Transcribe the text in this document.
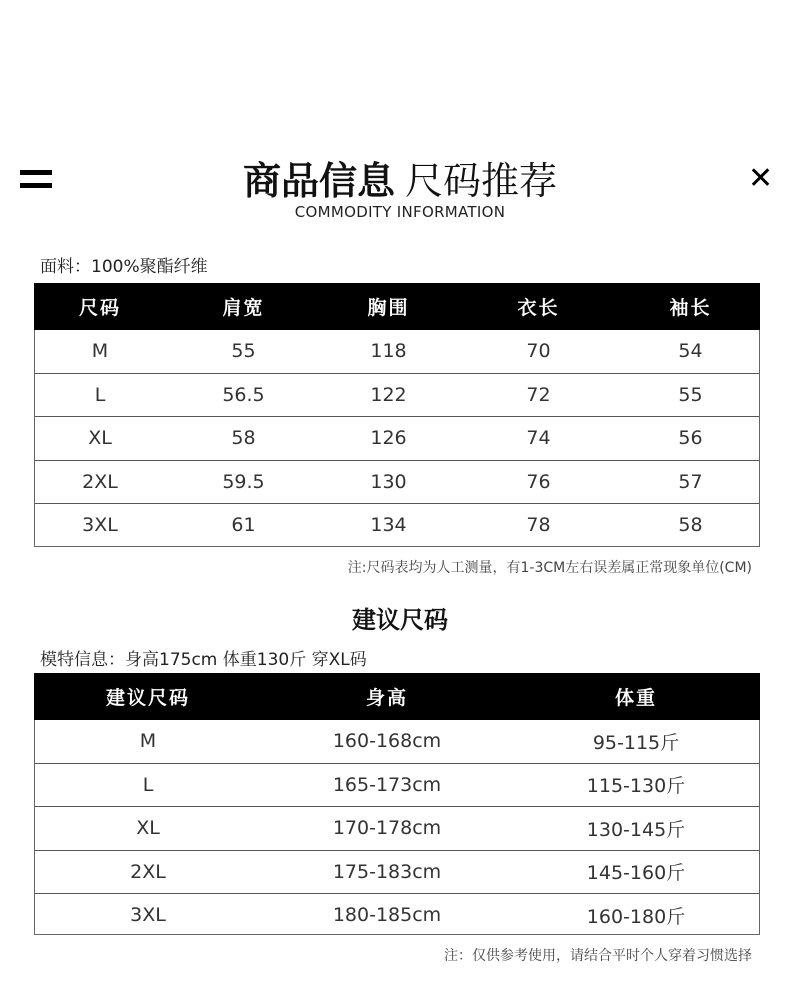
商品信息 尺码推荐	✕
COMMODITY INFORMATION
面料：100%聚酯纤维
尺码	肩宽	胸围	衣长	袖长
M	55	118	70	54
L	56.5	122	72	55
XL	58	126	74	56
2XL	59.5	130	76	57
3XL	61	134	78	58
注:尺码表均为人工测量，有1-3CM左右误差属正常现象单位(CM)
建议尺码
模特信息：身高175cm 体重130斤 穿XL码
建议尺码	身高	体重
M	160-168cm	95-115斤
L	165-173cm	115-130斤
XL	170-178cm	130-145斤
2XL	175-183cm	145-160斤
3XL	180-185cm	160-180斤
注：仅供参考使用，请结合平时个人穿着习惯选择
